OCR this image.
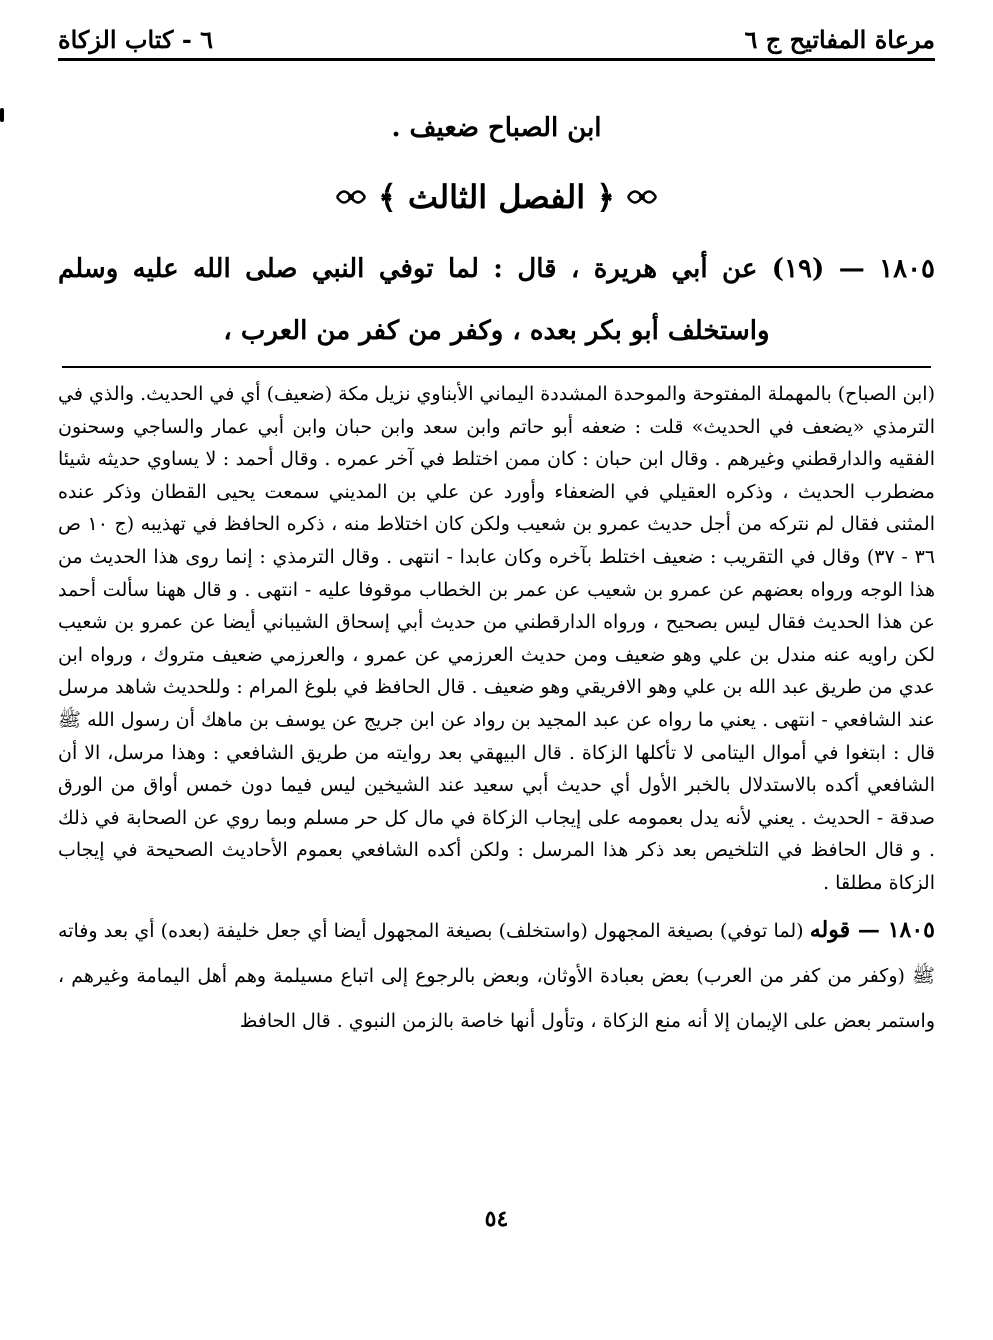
مرعاة المفاتيح ج ٦
٦ - كتاب الزكاة
ابن الصباح ضعيف .
﴿ الفصل الثالث ﴾
١٨٠٥ — (١٩) عن أبي هريرة ، قال : لما توفي النبي صلى الله عليه وسلم واستخلف أبو بكر بعده ، وكفر من كفر من العرب ،

(ابن الصباح) بالمهملة المفتوحة والموحدة المشددة اليماني الأبناوي نزيل مكة (ضعيف) أي في الحديث. والذي في الترمذي «يضعف في الحديث» قلت : ضعفه أبو حاتم وابن سعد وابن حبان وابن أبي عمار والساجي وسحنون الفقيه والدارقطني وغيرهم . وقال ابن حبان : كان ممن اختلط في آخر عمره . وقال أحمد : لا يساوي حديثه شيئا مضطرب الحديث ، وذكره العقيلي في الضعفاء وأورد عن علي بن المديني سمعت يحيى القطان وذكر عنده المثنى فقال لم نتركه من أجل حديث عمرو بن شعيب ولكن كان اختلاط منه ، ذكره الحافظ في تهذيبه (ج ١٠ ص ٣٦ - ٣٧) وقال في التقريب : ضعيف اختلط بآخره وكان عابدا - انتهى . وقال الترمذي : إنما روى هذا الحديث من هذا الوجه ورواه بعضهم عن عمرو بن شعيب عن عمر بن الخطاب موقوفا عليه - انتهى . و قال ههنا سألت أحمد عن هذا الحديث فقال ليس بصحيح ، ورواه الدارقطني من حديث أبي إسحاق الشيباني أيضا عن عمرو بن شعيب لكن راويه عنه مندل بن علي وهو ضعيف ومن حديث العرزمي عن عمرو ، والعرزمي ضعيف متروك ، ورواه ابن عدي من طريق عبد الله بن علي وهو الافريقي وهو ضعيف . قال الحافظ في بلوغ المرام : وللحديث شاهد مرسل عند الشافعي - انتهى . يعني ما رواه عن عبد المجيد بن رواد عن ابن جريج عن يوسف بن ماهك أن رسول الله ﷺ قال : ابتغوا في أموال اليتامى لا تأكلها الزكاة . قال البيهقي بعد روايته من طريق الشافعي : وهذا مرسل، الا أن الشافعي أكده بالاستدلال بالخبر الأول أي حديث أبي سعيد عند الشيخين ليس فيما دون خمس أواق من الورق صدقة - الحديث . يعني لأنه يدل بعمومه على إيجاب الزكاة في مال كل حر مسلم وبما روي عن الصحابة في ذلك . و قال الحافظ في التلخيص بعد ذكر هذا المرسل : ولكن أكده الشافعي بعموم الأحاديث الصحيحة في إيجاب الزكاة مطلقا .

١٨٠٥ — قوله (لما توفي) بصيغة المجهول (واستخلف) بصيغة المجهول أيضا أي جعل خليفة (بعده) أي بعد وفاته ﷺ (وكفر من كفر من العرب) بعض بعبادة الأوثان، وبعض بالرجوع إلى اتباع مسيلمة وهم أهل اليمامة وغيرهم ، واستمر بعض على الإيمان إلا أنه منع الزكاة ، وتأول أنها خاصة بالزمن النبوي . قال الحافظ

٥٤
